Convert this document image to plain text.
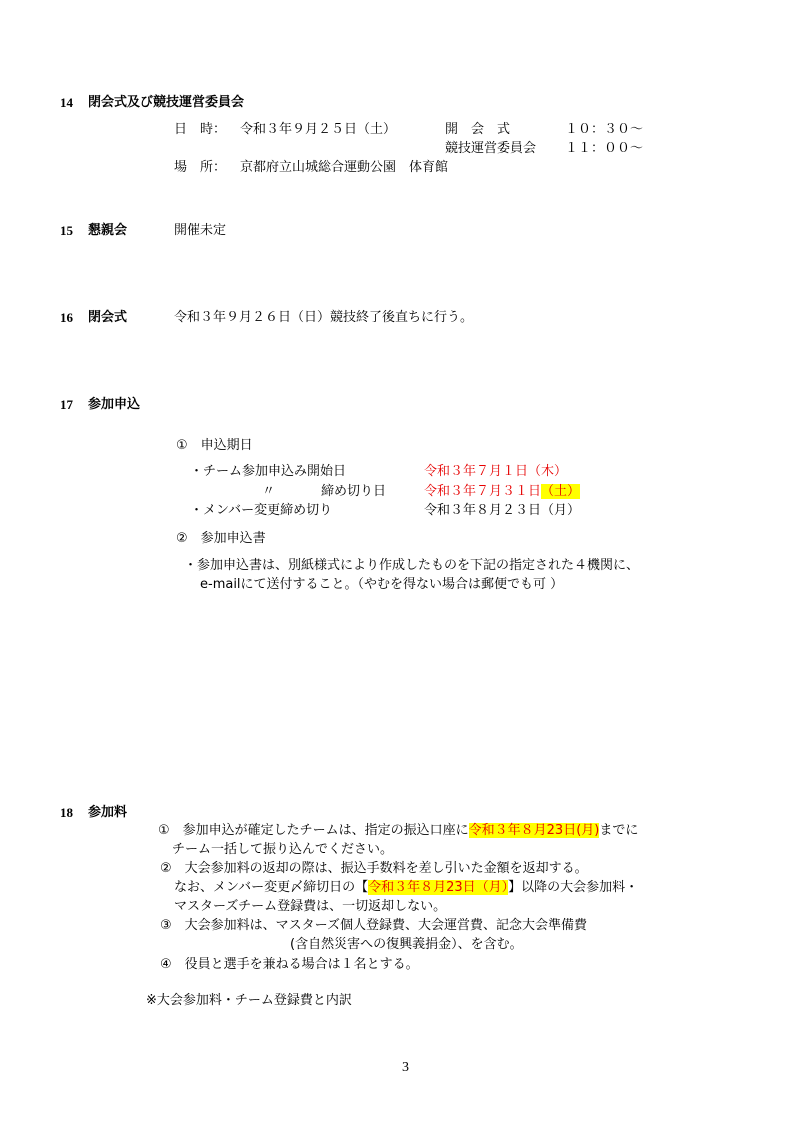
14 閉会式及び競技運営委員会
日　時： 令和３年９月２５日（土）	開　会　式	１０：３０～
競技運営委員会 １１：００～
場　所： 京都府立山城総合運動公園　体育館
15 懇親会	開催未定
16 閉会式	令和３年９月２６日（日）競技終了後直ちに行う。
17 参加申込
①　申込期日
・チーム参加申込み開始日	令和３年７月１日（木）
〃	締め切り日	令和３年７月３１日（土）
・メンバー変更締め切り	令和３年８月２３日（月）
②　参加申込書
・参加申込書は、別紙様式により作成したものを下記の指定された４機関に、
e-mailにて送付すること。（やむを得ない場合は郵便でも可 ）
18 参加料
①　参加申込が確定したチームは、指定の振込口座に令和３年８月23日(月)までに
チーム一括して振り込んでください。
②　大会参加料の返却の際は、振込手数料を差し引いた金額を返却する。
なお、メンバー変更〆締切日の【令和３年８月23日（月）】以降の大会参加料・
マスターズチーム登録費は、一切返却しない。
③　大会参加料は、マスターズ個人登録費、大会運営費、記念大会準備費
(含自然災害への復興義捐金）、を含む。
④　役員と選手を兼ねる場合は１名とする。
※大会参加料・チーム登録費と内訳
3
